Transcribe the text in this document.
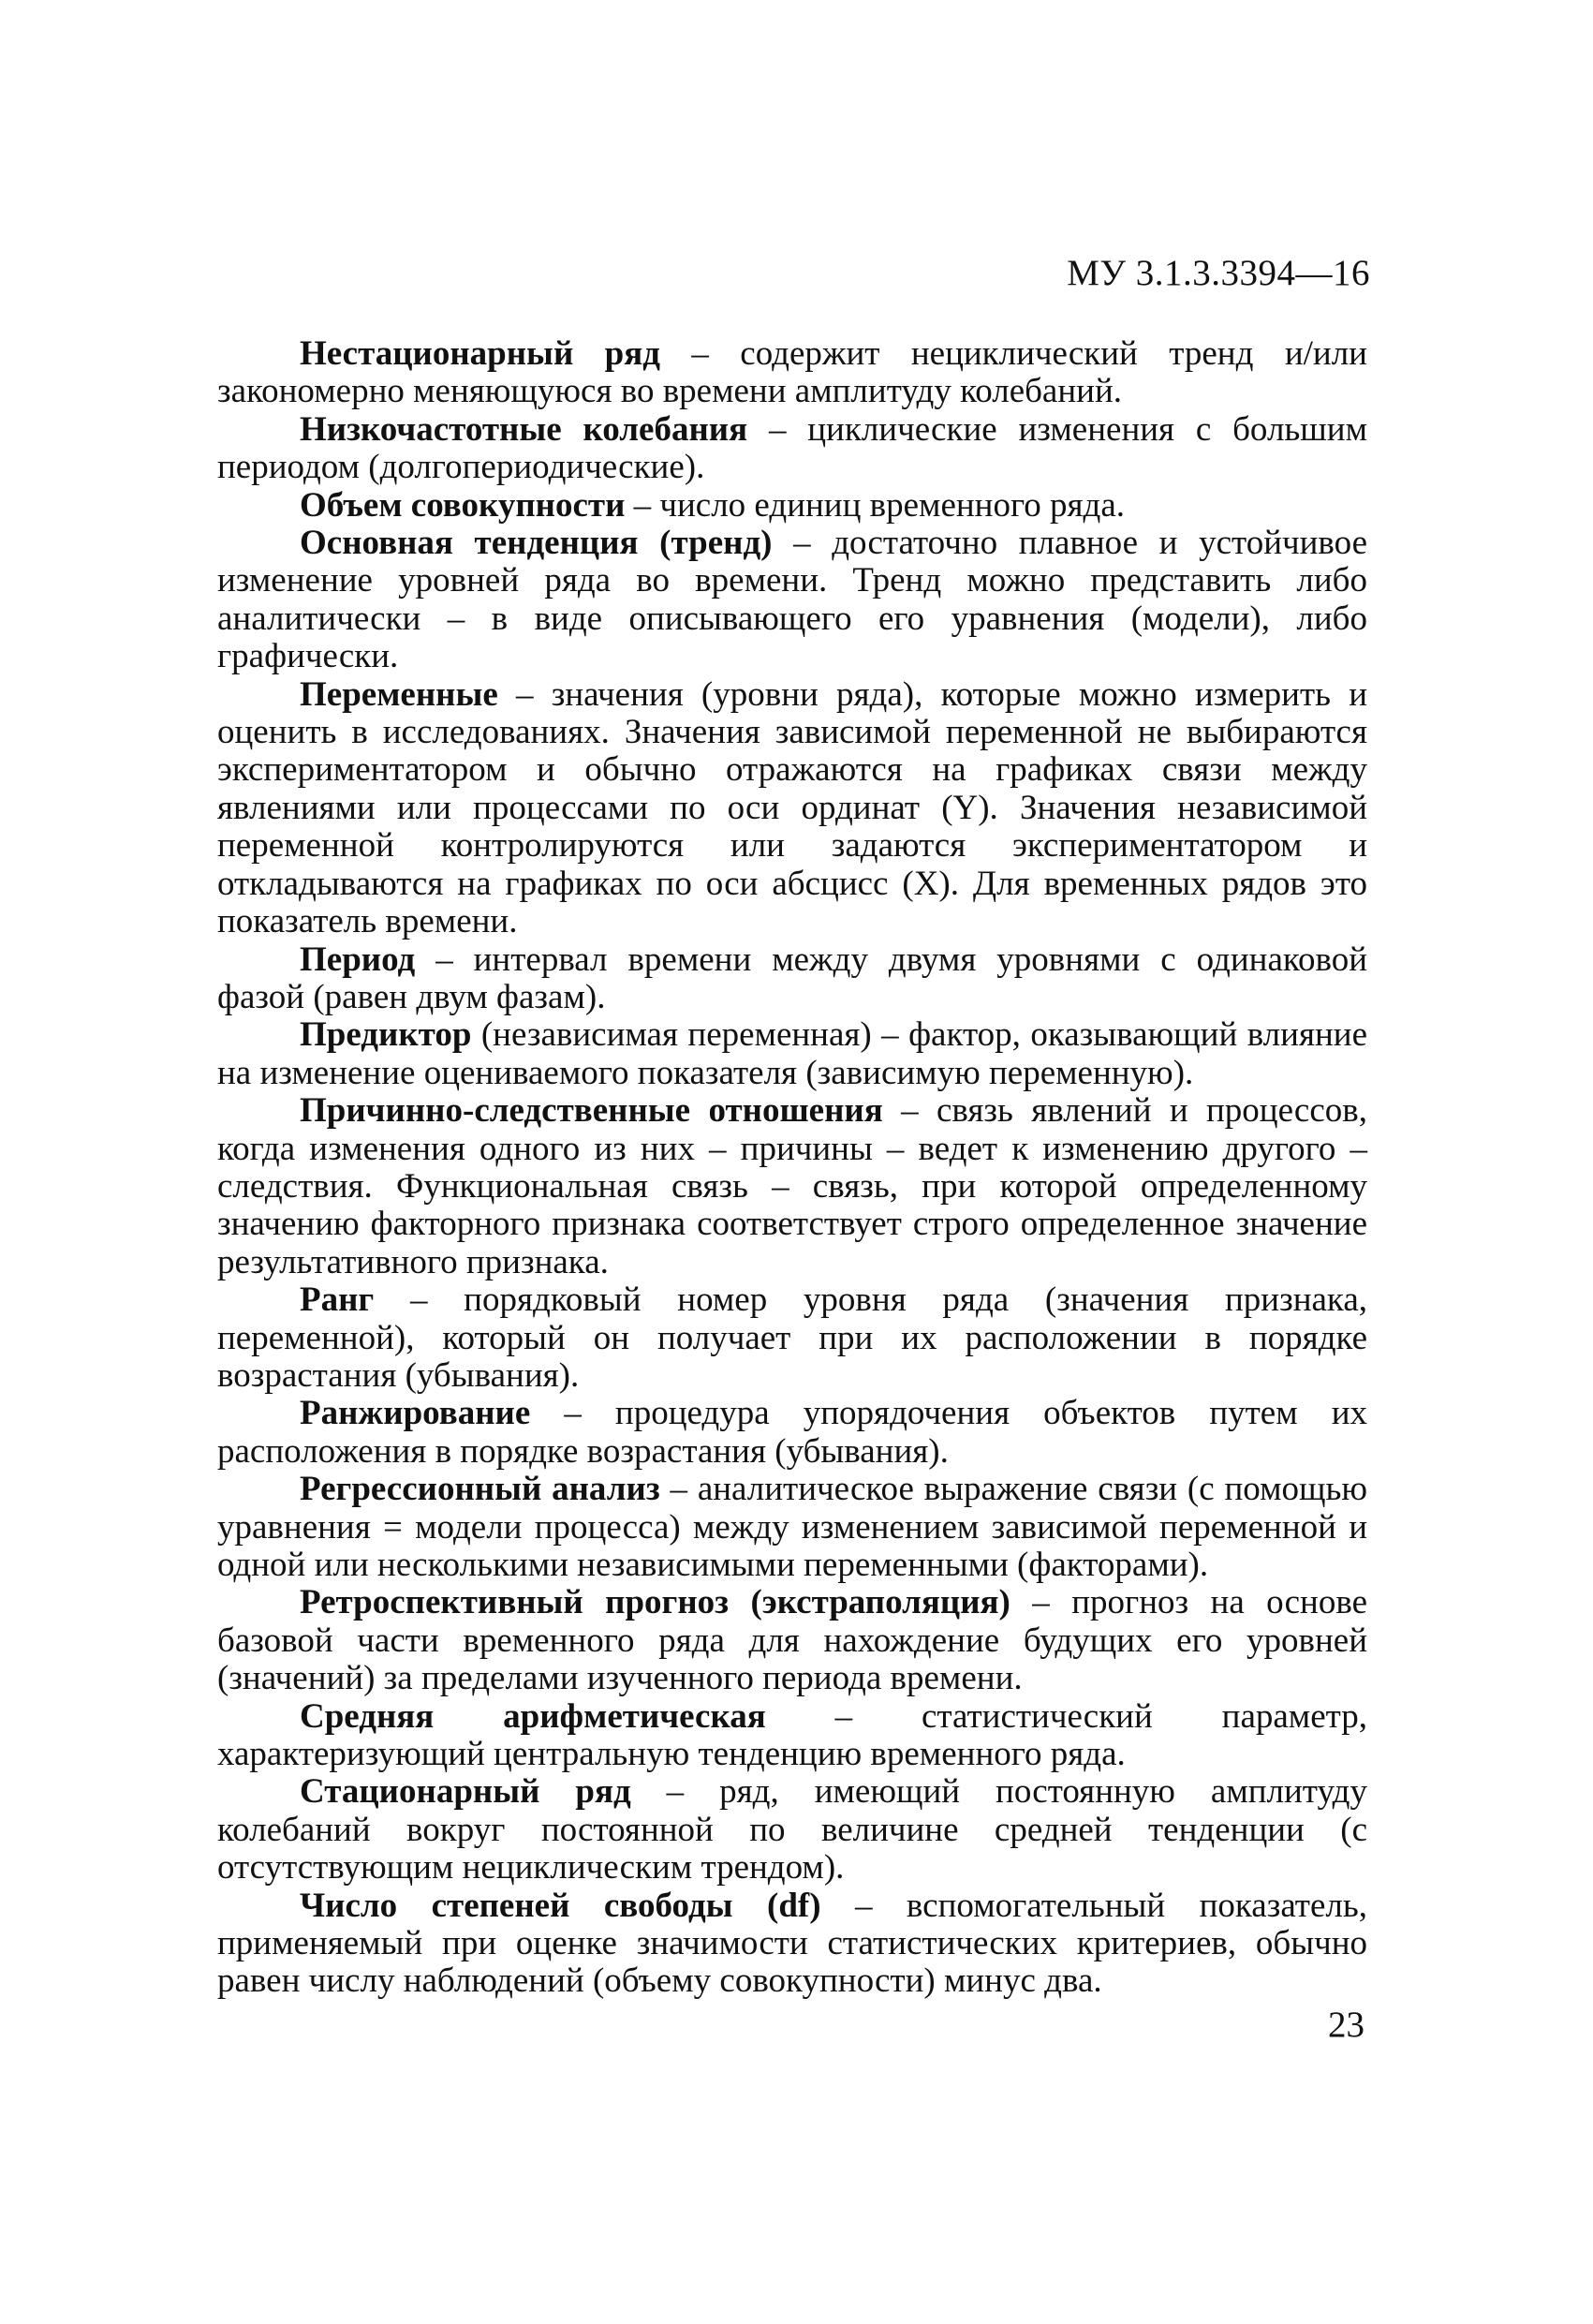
МУ 3.1.3.3394—16

Нестационарный ряд – содержит нециклический тренд и/или закономерно меняющуюся во времени амплитуду колебаний.

Низкочастотные колебания – циклические изменения с большим периодом (долгопериодические).

Объем совокупности – число единиц временного ряда.

Основная тенденция (тренд) – достаточно плавное и устойчивое изменение уровней ряда во времени. Тренд можно представить либо аналитически – в виде описывающего его уравнения (модели), либо графически.

Переменные – значения (уровни ряда), которые можно измерить и оценить в исследованиях. Значения зависимой переменной не выбираются экспериментатором и обычно отражаются на графиках связи между явлениями или процессами по оси ординат (Y). Значения независимой переменной контролируются или задаются экспериментатором и откладываются на графиках по оси абсцисс (X). Для временных рядов это показатель времени.

Период – интервал времени между двумя уровнями с одинаковой фазой (равен двум фазам).

Предиктор (независимая переменная) – фактор, оказывающий влияние на изменение оцениваемого показателя (зависимую переменную).

Причинно-следственные отношения – связь явлений и процессов, когда изменения одного из них – причины – ведет к изменению другого – следствия. Функциональная связь – связь, при которой определенному значению факторного признака соответствует строго определенное значение результативного признака.

Ранг – порядковый номер уровня ряда (значения признака, переменной), который он получает при их расположении в порядке возрастания (убывания).

Ранжирование – процедура упорядочения объектов путем их расположения в порядке возрастания (убывания).

Регрессионный анализ – аналитическое выражение связи (с помощью уравнения = модели процесса) между изменением зависимой переменной и одной или несколькими независимыми переменными (факторами).

Ретроспективный прогноз (экстраполяция) – прогноз на основе базовой части временного ряда для нахождение будущих его уровней (значений) за пределами изученного периода времени.

Средняя арифметическая – статистический параметр, характеризующий центральную тенденцию временного ряда.

Стационарный ряд – ряд, имеющий постоянную амплитуду колебаний вокруг постоянной по величине средней тенденции (с отсутствующим нециклическим трендом).

Число степеней свободы (df) – вспомогательный показатель, применяемый при оценке значимости статистических критериев, обычно равен числу наблюдений (объему совокупности) минус два.

23
